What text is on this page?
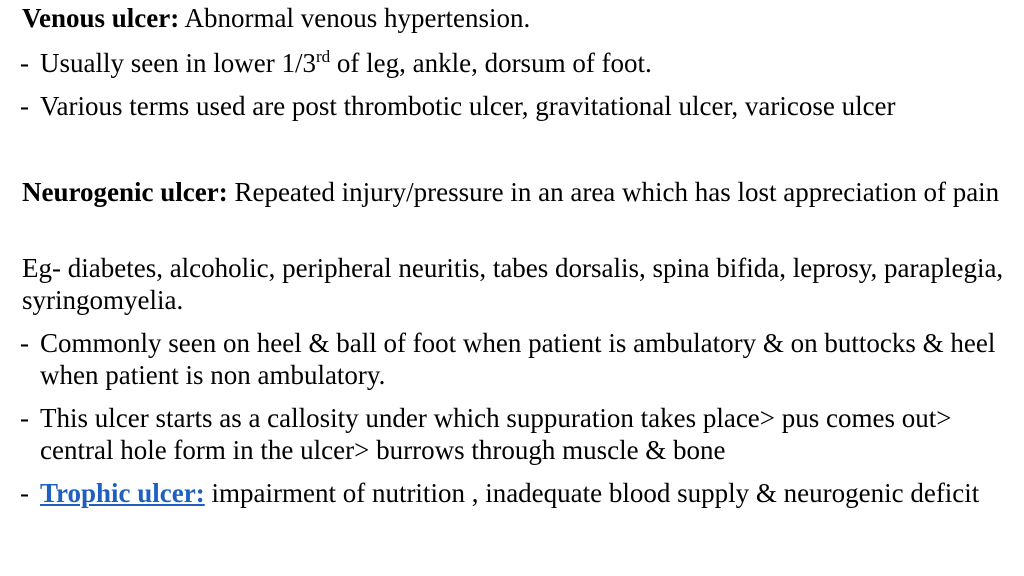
Venous ulcer: Abnormal venous hypertension.

- Usually seen in lower 1/3rd of leg, ankle, dorsum of foot.

- Various terms used are post thrombotic ulcer, gravitational ulcer, varicose ulcer

Neurogenic ulcer: Repeated injury/pressure in an area which has lost appreciation of pain

Eg- diabetes, alcoholic, peripheral neuritis, tabes dorsalis, spina bifida, leprosy, paraplegia, syringomyelia.

- Commonly seen on heel & ball of foot when patient is ambulatory & on buttocks & heel when patient is non ambulatory.

- This ulcer starts as a callosity under which suppuration takes place> pus comes out> central hole form in the ulcer> burrows through muscle & bone

- Trophic ulcer: impairment of nutrition , inadequate blood supply & neurogenic deficit
